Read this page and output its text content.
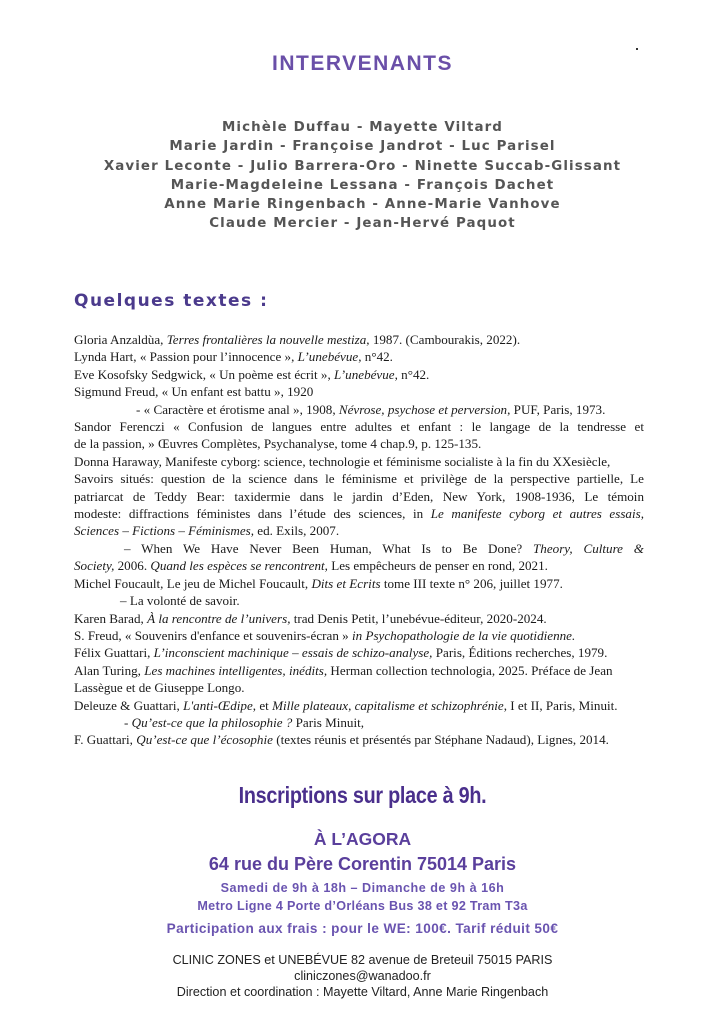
INTERVENANTS
Michèle Duffau - Mayette Viltard
Marie Jardin - Françoise Jandrot - Luc Parisel
Xavier Leconte - Julio Barrera-Oro - Ninette Succab-Glissant
Marie-Magdeleine Lessana - François Dachet
Anne Marie Ringenbach - Anne-Marie Vanhove
Claude Mercier - Jean-Hervé Paquot
Quelques textes :
Gloria Anzaldùa, Terres frontalières la nouvelle mestiza, 1987. (Cambourakis, 2022).
Lynda Hart, « Passion pour l’innocence », L’unebévue, n°42.
Eve Kosofsky Sedgwick, « Un poème est écrit », L’unebévue, n°42.
Sigmund Freud, « Un enfant est battu », 1920
- « Caractère et érotisme anal », 1908, Névrose, psychose et perversion, PUF, Paris, 1973.
Sandor Ferenczi « Confusion de langues entre adultes et enfant : le langage de la tendresse et
de la passion, » Œuvres Complètes, Psychanalyse, tome 4 chap.9, p. 125-135.
Donna Haraway, Manifeste cyborg: science, technologie et féminisme socialiste à la fin du XXesiècle,
Savoirs situés: question de la science dans le féminisme et privilège de la perspective partielle, Le
patriarcat de Teddy Bear: taxidermie dans le jardin d’Eden, New York, 1908-1936, Le témoin
modeste: diffractions féministes dans l’étude des sciences, in Le manifeste cyborg et autres essais,
Sciences – Fictions – Féminismes, ed. Exils, 2007.
– When We Have Never Been Human, What Is to Be Done? Theory, Culture &
Society, 2006. Quand les espèces se rencontrent, Les empêcheurs de penser en rond, 2021.
Michel Foucault, Le jeu de Michel Foucault, Dits et Ecrits tome III texte n° 206, juillet 1977.
– La volonté de savoir.
Karen Barad, À la rencontre de l’univers, trad Denis Petit, l’unebévue-éditeur, 2020-2024.
S. Freud, « Souvenirs d'enfance et souvenirs-écran » in Psychopathologie de la vie quotidienne.
Félix Guattari, L’inconscient machinique – essais de schizo-analyse, Paris, Éditions recherches, 1979.
Alan Turing, Les machines intelligentes, inédits, Herman collection technologia, 2025. Préface de Jean
Lassègue et de Giuseppe Longo.
Deleuze & Guattari, L'anti-Œdipe, et Mille plateaux, capitalisme et schizophrénie, I et II, Paris, Minuit.
- Qu’est-ce que la philosophie ? Paris Minuit,
F. Guattari, Qu’est-ce que l’écosophie (textes réunis et présentés par Stéphane Nadaud), Lignes, 2014.
Inscriptions sur place à 9h.
À L’AGORA
64 rue du Père Corentin 75014 Paris
Samedi de 9h à 18h – Dimanche de 9h à 16h
Metro Ligne 4 Porte d’Orléans Bus 38 et 92 Tram T3a
Participation aux frais : pour le WE: 100€. Tarif réduit 50€
CLINIC ZONES et UNEBÉVUE 82 avenue de Breteuil 75015 PARIS
cliniczones@wanadoo.fr
Direction et coordination : Mayette Viltard, Anne Marie Ringenbach
